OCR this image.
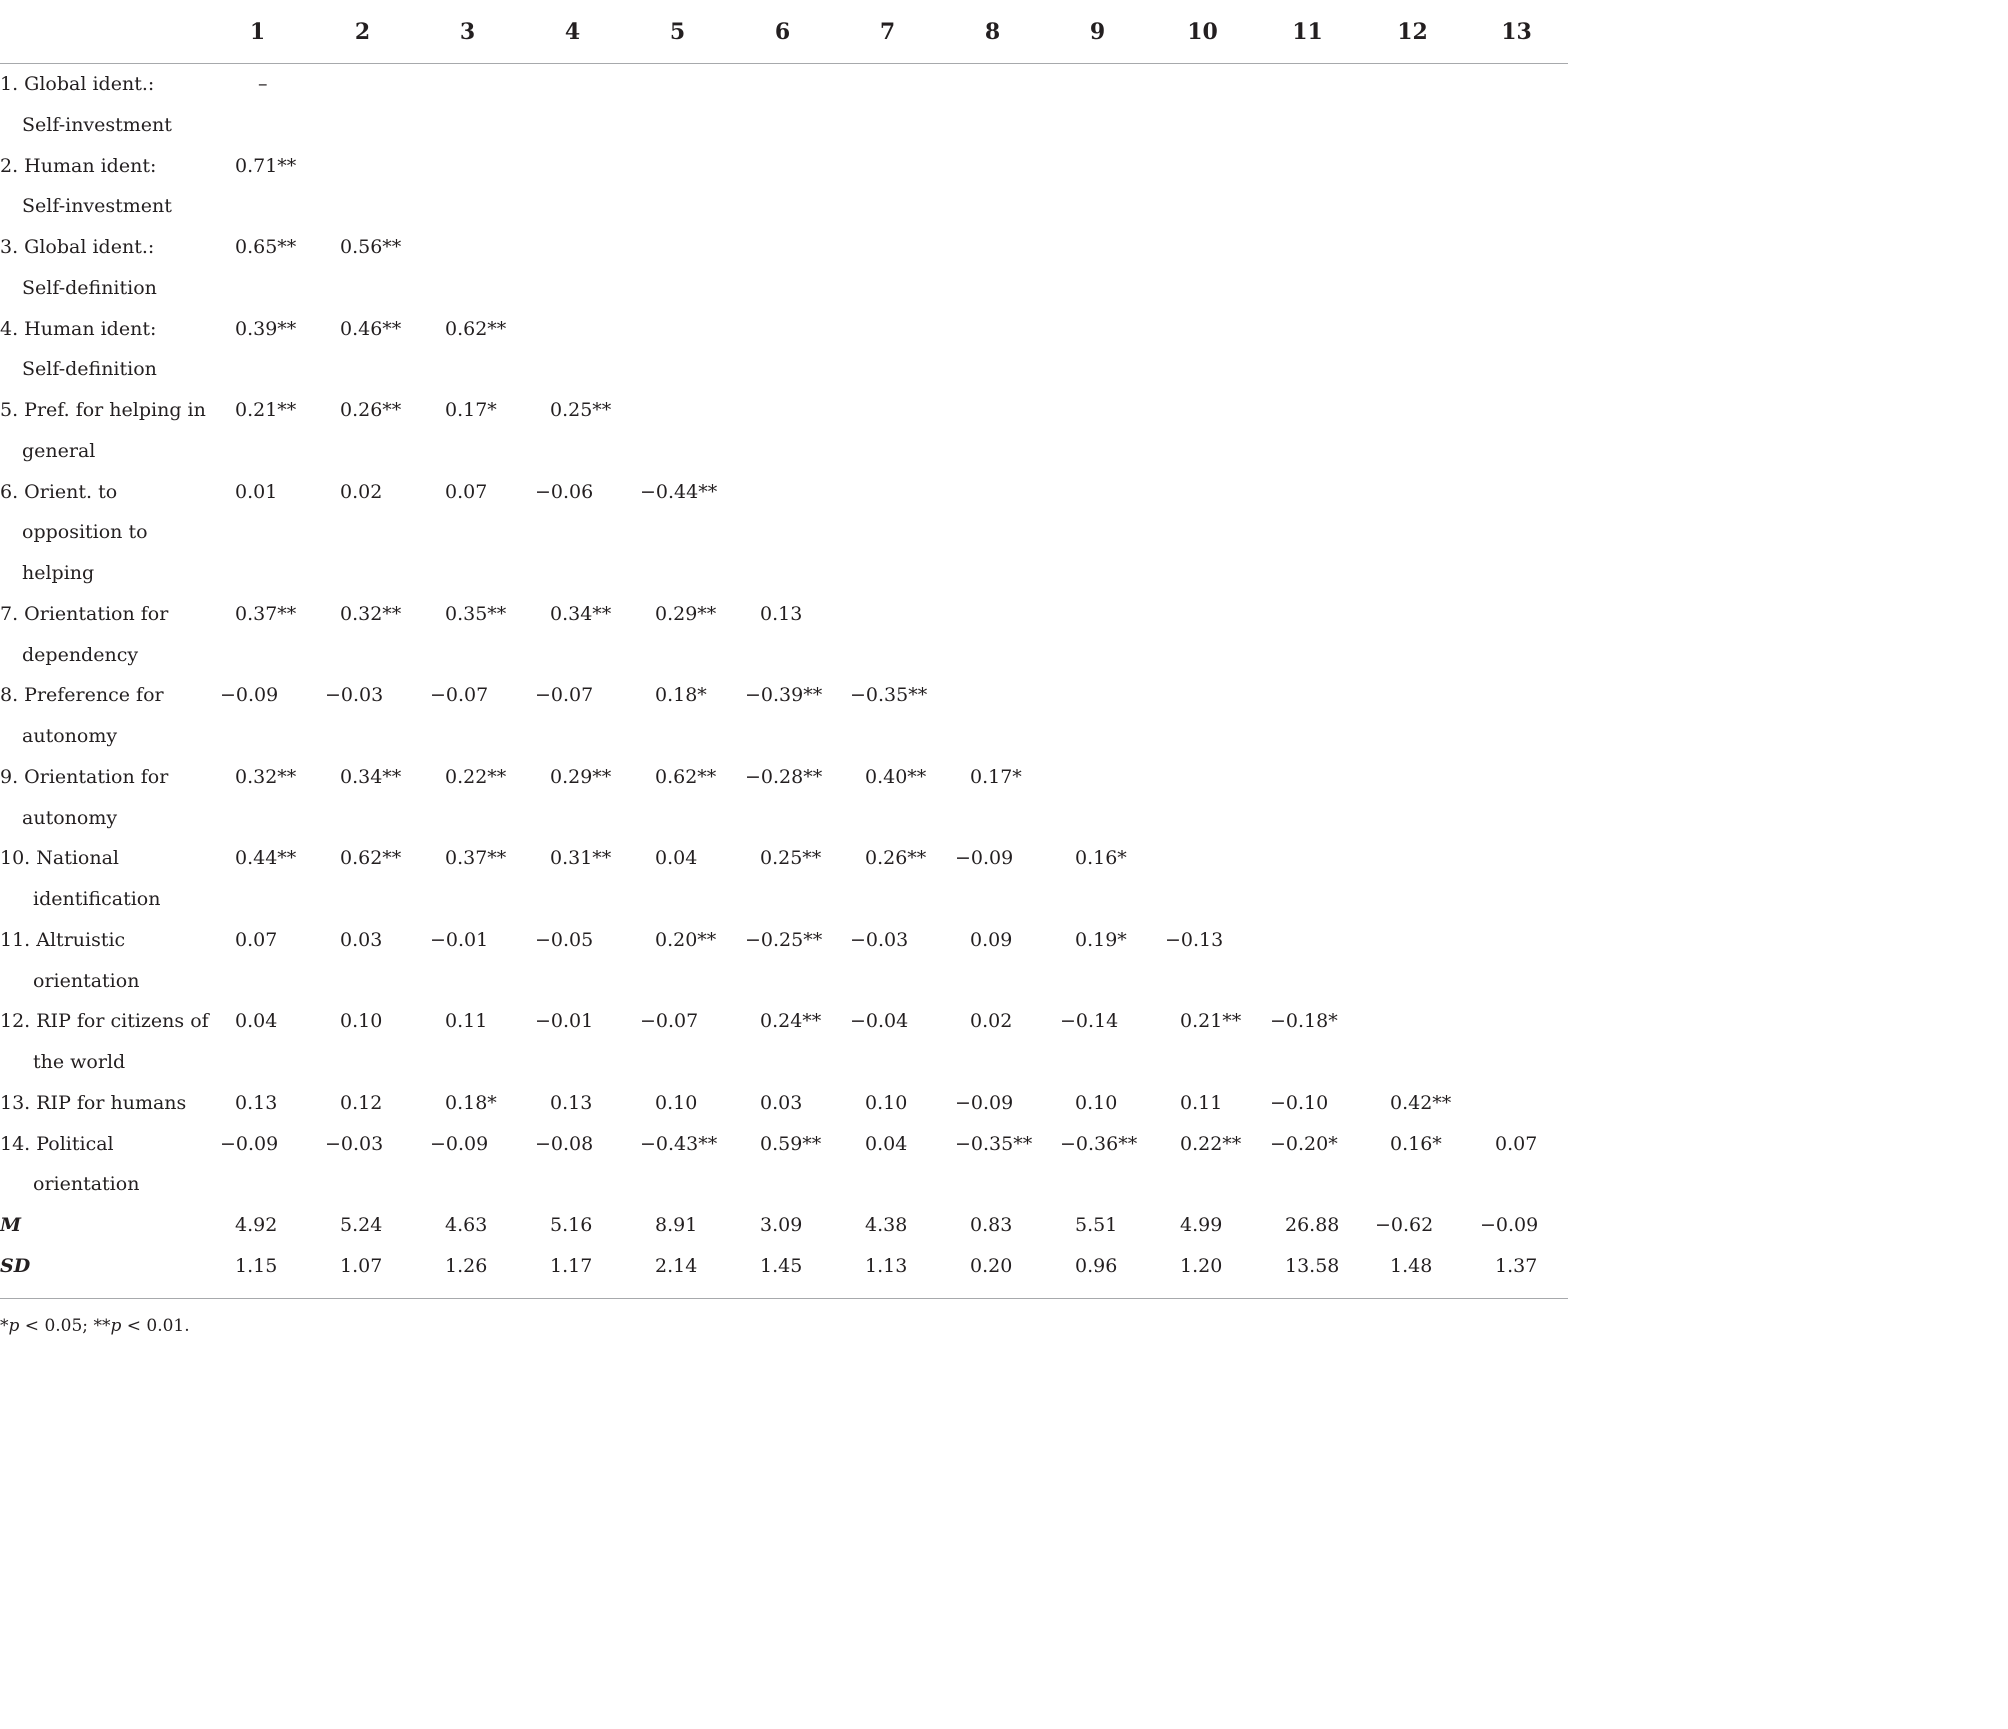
	1	2	3	4	5	6	7	8	9	10	11	12	13

1. Global ident.:
Self-investment	–												

2. Human ident:
Self-investment	0.71**												

3. Global ident.:
Self-definition	0.65**	0.56**											

4. Human ident:
Self-definition	0.39**	0.46**	0.62**										

5. Pref. for helping in
general	0.21**	0.26**	0.17*	0.25**									

6. Orient. to
opposition to
helping	0.01	0.02	0.07	−0.06	−0.44**								

7. Orientation for
dependency	0.37**	0.32**	0.35**	0.34**	0.29**	0.13							

8. Preference for
autonomy	−0.09	−0.03	−0.07	−0.07	0.18*	−0.39**	−0.35**						

9. Orientation for
autonomy	0.32**	0.34**	0.22**	0.29**	0.62**	−0.28**	0.40**	0.17*					

10. National
identification	0.44**	0.62**	0.37**	0.31**	0.04	0.25**	0.26**	−0.09	0.16*				

11. Altruistic
orientation	0.07	0.03	−0.01	−0.05	0.20**	−0.25**	−0.03	0.09	0.19*	−0.13			

12. RIP for citizens of
the world	0.04	0.10	0.11	−0.01	−0.07	0.24**	−0.04	0.02	−0.14	0.21**	−0.18*		

13. RIP for humans	0.13	0.12	0.18*	0.13	0.10	0.03	0.10	−0.09	0.10	0.11	−0.10	0.42**	

14. Political
orientation	−0.09	−0.03	−0.09	−0.08	−0.43**	0.59**	0.04	−0.35**	−0.36**	0.22**	−0.20*	0.16*	0.07

M	4.92	5.24	4.63	5.16	8.91	3.09	4.38	0.83	5.51	4.99	26.88	−0.62	−0.09

SD	1.15	1.07	1.26	1.17	2.14	1.45	1.13	0.20	0.96	1.20	13.58	1.48	1.37
*p < 0.05; **p < 0.01.
